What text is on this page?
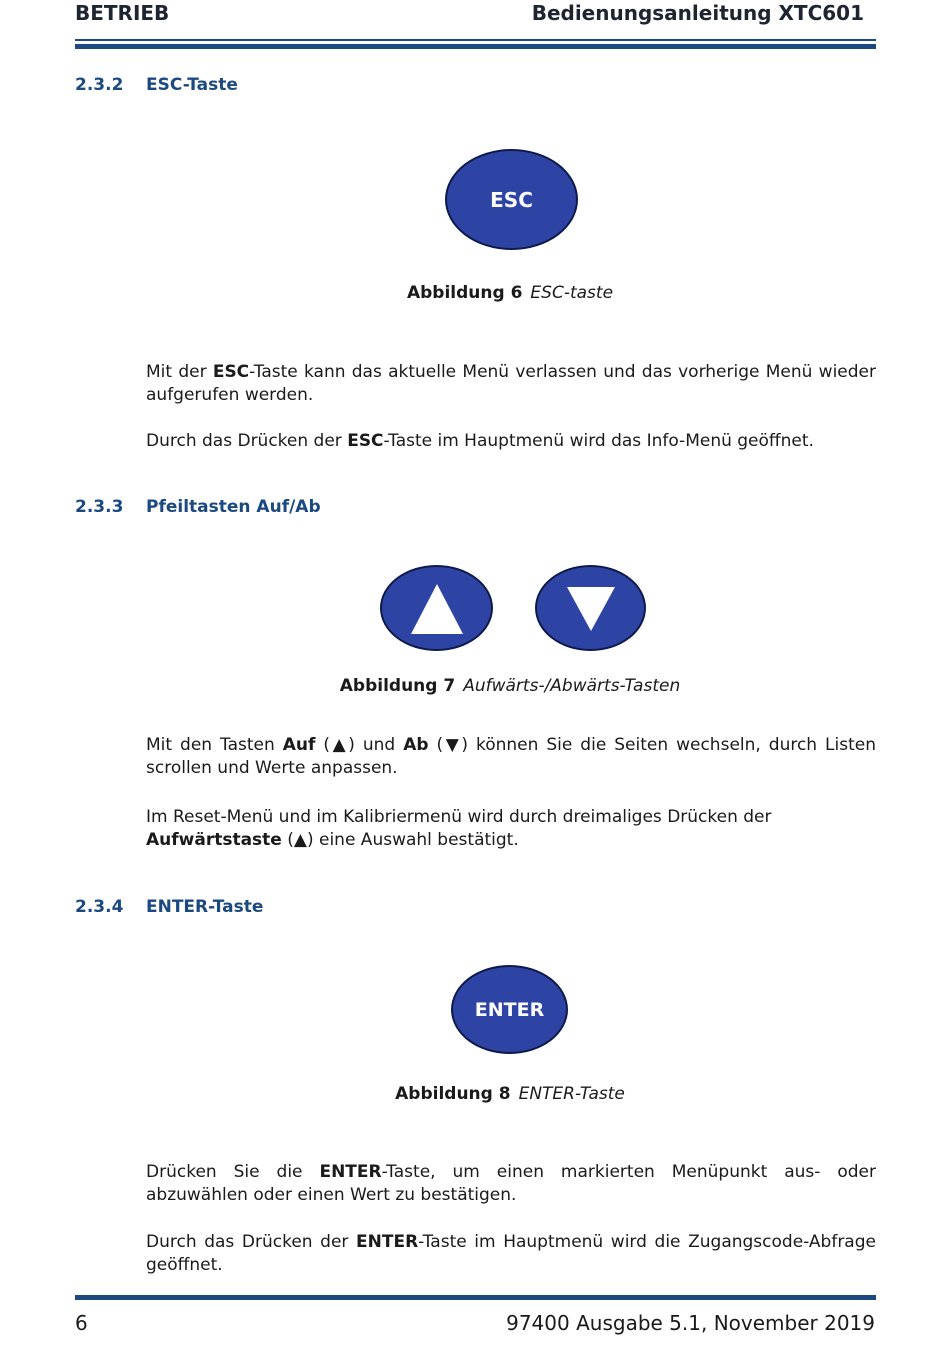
BETRIEB	Bedienungsanleitung XTC601
2.3.2 ESC-Taste
ESC
Abbildung 6 ESC-taste
Mit der ESC-Taste kann das aktuelle Menü verlassen und das vorherige Menü wieder aufgerufen werden.
Durch das Drücken der ESC-Taste im Hauptmenü wird das Info-Menü geöffnet.
2.3.3 Pfeiltasten Auf/Ab
Abbildung 7 Aufwärts-/Abwärts-Tasten
Mit den Tasten Auf (▲) und Ab (▼) können Sie die Seiten wechseln, durch Listen scrollen und Werte anpassen.
Im Reset-Menü und im Kalibriermenü wird durch dreimaliges Drücken der Aufwärtstaste (▲) eine Auswahl bestätigt.
2.3.4 ENTER-Taste
ENTER
Abbildung 8 ENTER-Taste
Drücken Sie die ENTER-Taste, um einen markierten Menüpunkt aus- oder abzuwählen oder einen Wert zu bestätigen.
Durch das Drücken der ENTER-Taste im Hauptmenü wird die Zugangscode-Abfrage geöffnet.
6	97400 Ausgabe 5.1, November 2019
